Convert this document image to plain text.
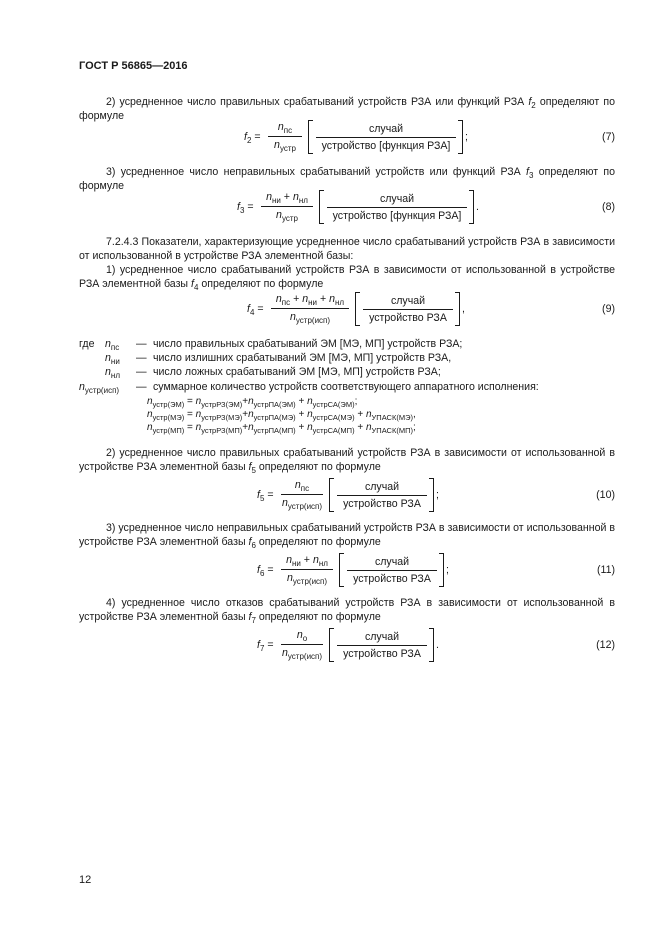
ГОСТ Р 56865—2016
2) усредненное число правильных срабатываний устройств РЗА или функций РЗА $f_2$ определяют по формуле
$f_2$ =
$n_{пс}$
$n_{устр}$
случай
устройство [функция РЗА]
;	(7)
3) усредненное число неправильных срабатываний устройств или функций РЗА $f_3$ определяют по формуле
$f_3$ =
$n_{ни} + n_{нл}$
$n_{устр}$
случай
устройство [функция РЗА]
.	(8)
7.2.4.3 Показатели, характеризующие усредненное число срабатываний устройств РЗА в зависимости от использованной в устройстве РЗА элементной базы:
1) усредненное число срабатываний устройств РЗА в зависимости от использованной в устройстве РЗА элементной базы $f_4$ определяют по формуле
$f_4$ =
$n_{пс} + n_{ни} + n_{нл}$
$n_{устр(исп)}$
случай
устройство РЗА
,	(9)
где $n_{пс}$ — число правильных срабатываний ЭМ [МЭ, МП] устройств РЗА;
$n_{ни}$ — число излишних срабатываний ЭМ [МЭ, МП] устройств РЗА,
$n_{нл}$ — число ложных срабатываний ЭМ [МЭ, МП] устройств РЗА;
$n_{устр(исп)}$ — суммарное количество устройств соответствующего аппаратного исполнения:
$n_{устр(ЭМ)} = n_{устрРЗ(ЭМ)}+n_{устрПА(ЭМ)} + n_{устрСА(ЭМ)}$;
$n_{устр(МЭ)} = n_{устрРЗ(МЭ)}+n_{устрПА(МЭ)} + n_{устрСА(МЭ)} + n_{УПАСК(МЭ)}$,
$n_{устр(МП)} = n_{устрРЗ(МП)}+n_{устрПА(МП)} + n_{устрСА(МП)} + n_{УПАСК(МП)}$;
2) усредненное число правильных срабатываний устройств РЗА в зависимости от использованной в устройстве РЗА элементной базы $f_5$ определяют по формуле
$f_5$ =
$n_{пс}$
$n_{устр(исп)}$
случай
устройство РЗА
;	(10)
3) усредненное число неправильных срабатываний устройств РЗА в зависимости от использованной в устройстве РЗА элементной базы $f_6$ определяют по формуле
$f_6$ =
$n_{ни} + n_{нл}$
$n_{устр(исп)}$
случай
устройство РЗА
;	(11)
4) усредненное число отказов срабатываний устройств РЗА в зависимости от использованной в устройстве РЗА элементной базы $f_7$ определяют по формуле
$f_7$ =
$n_о$
$n_{устр(исп)}$
случай
устройство РЗА
.	(12)
12
